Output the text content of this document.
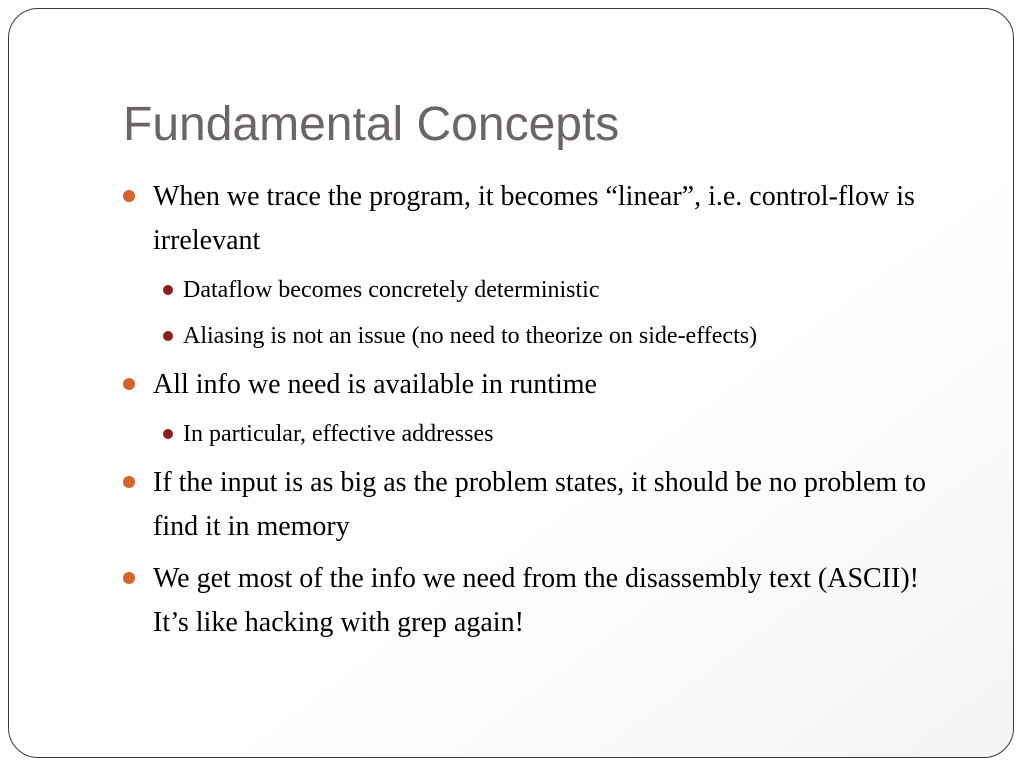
Fundamental Concepts
When we trace the program, it becomes “linear”, i.e. control-flow is irrelevant
Dataflow becomes concretely deterministic
Aliasing is not an issue (no need to theorize on side-effects)
All info we need is available in runtime
In particular, effective addresses
If the input is as big as the problem states, it should be no problem to find it in memory
We get most of the info we need from the disassembly text (ASCII)! It’s like hacking with grep again!
